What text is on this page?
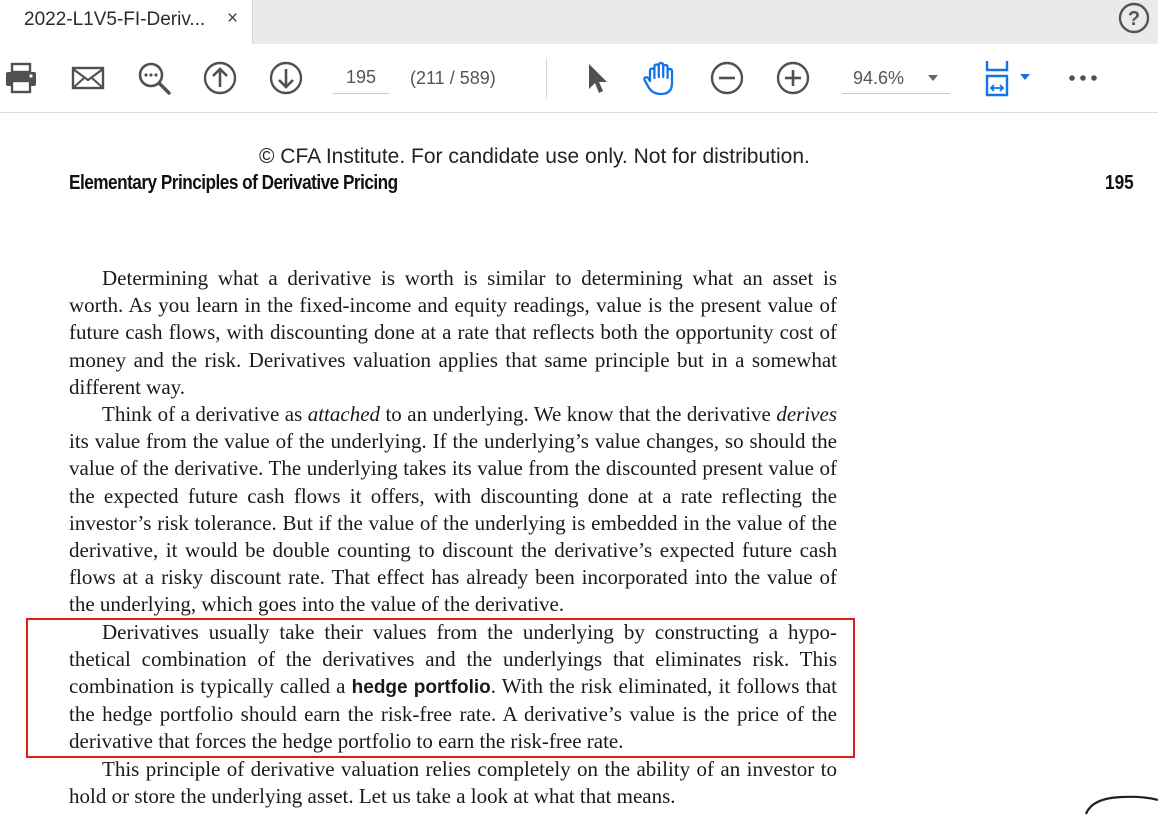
2022-L1V5-FI-Deriv... ×	?
195
(211 / 589)	94.6%
© CFA Institute. For candidate use only. Not for distribution.
Elementary Principles of Derivative Pricing	195

Determining what a derivative is worth is similar to determining what an asset is worth. As you learn in the fixed-income and equity readings, value is the present value of future cash flows, with discounting done at a rate that reflects both the opportunity cost of money and the risk. Derivatives valuation applies that same principle but in a somewhat different way.

Think of a derivative as attached to an underlying. We know that the derivative derives its value from the value of the underlying. If the underlying’s value changes, so should the value of the derivative. The underlying takes its value from the discounted present value of the expected future cash flows it offers, with discounting done at a rate reflecting the investor’s risk tolerance. But if the value of the underlying is embedded in the value of the derivative, it would be double counting to discount the derivative’s expected future cash flows at a risky discount rate. That effect has already been incorporated into the value of the underlying, which goes into the value of the derivative.

Derivatives usually take their values from the underlying by constructing a hypothetical combination of the derivatives and the underlyings that eliminates risk. This combination is typically called a hedge portfolio. With the risk eliminated, it follows that the hedge portfolio should earn the risk-free rate. A derivative’s value is the price of the derivative that forces the hedge portfolio to earn the risk-free rate.

This principle of derivative valuation relies completely on the ability of an investor to hold or store the underlying asset. Let us take a look at what that means.
